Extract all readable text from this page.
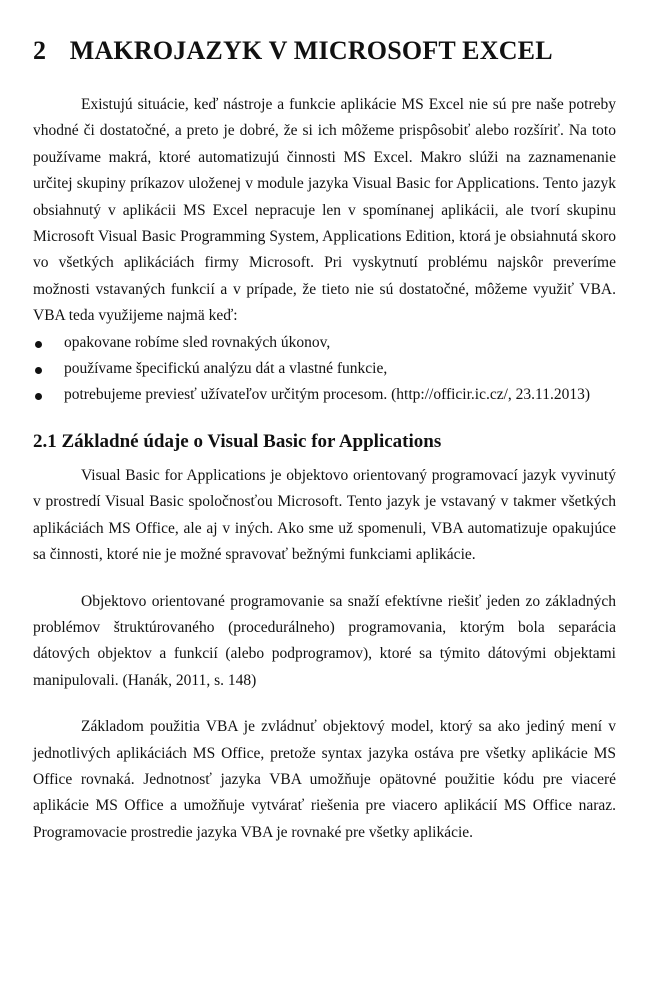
2 MAKROJAZYK V MICROSOFT EXCEL

Existujú situácie, keď nástroje a funkcie aplikácie MS Excel nie sú pre naše potreby vhodné či dostatočné, a preto je dobré, že si ich môžeme prispôsobiť alebo rozšíriť. Na toto používame makrá, ktoré automatizujú činnosti MS Excel. Makro slúži na zaznamenanie určitej skupiny príkazov uloženej v module jazyka Visual Basic for Applications. Tento jazyk obsiahnutý v aplikácii MS Excel nepracuje len v spomínanej aplikácii, ale tvorí skupinu Microsoft Visual Basic Programming System, Applications Edition, ktorá je obsiahnutá skoro vo všetkých aplikáciách firmy Microsoft. Pri vyskytnutí problému najskôr preveríme možnosti vstavaných funkcií a v prípade, že tieto nie sú dostatočné, môžeme využiť VBA. VBA teda využijeme najmä keď:

opakovane robíme sled rovnakých úkonov,
používame špecifickú analýzu dát a vlastné funkcie,
potrebujeme previesť užívateľov určitým procesom. (http://officir.ic.cz/, 23.11.2013)
2.1 Základné údaje o Visual Basic for Applications

Visual Basic for Applications je objektovo orientovaný programovací jazyk vyvinutý v prostredí Visual Basic spoločnosťou Microsoft. Tento jazyk je vstavaný v takmer všetkých aplikáciách MS Office, ale aj v iných. Ako sme už spomenuli, VBA automatizuje opakujúce sa činnosti, ktoré nie je možné spravovať bežnými funkciami aplikácie.

Objektovo orientované programovanie sa snaží efektívne riešiť jeden zo základných problémov štruktúrovaného (procedurálneho) programovania, ktorým bola separácia dátových objektov a funkcií (alebo podprogramov), ktoré sa týmito dátovými objektami manipulovali. (Hanák, 2011, s. 148)

Základom použitia VBA je zvládnuť objektový model, ktorý sa ako jediný mení v jednotlivých aplikáciách MS Office, pretože syntax jazyka ostáva pre všetky aplikácie MS Office rovnaká. Jednotnosť jazyka VBA umožňuje opätovné použitie kódu pre viaceré aplikácie MS Office a umožňuje vytvárať riešenia pre viacero aplikácií MS Office naraz. Programovacie prostredie jazyka VBA je rovnaké pre všetky aplikácie.
